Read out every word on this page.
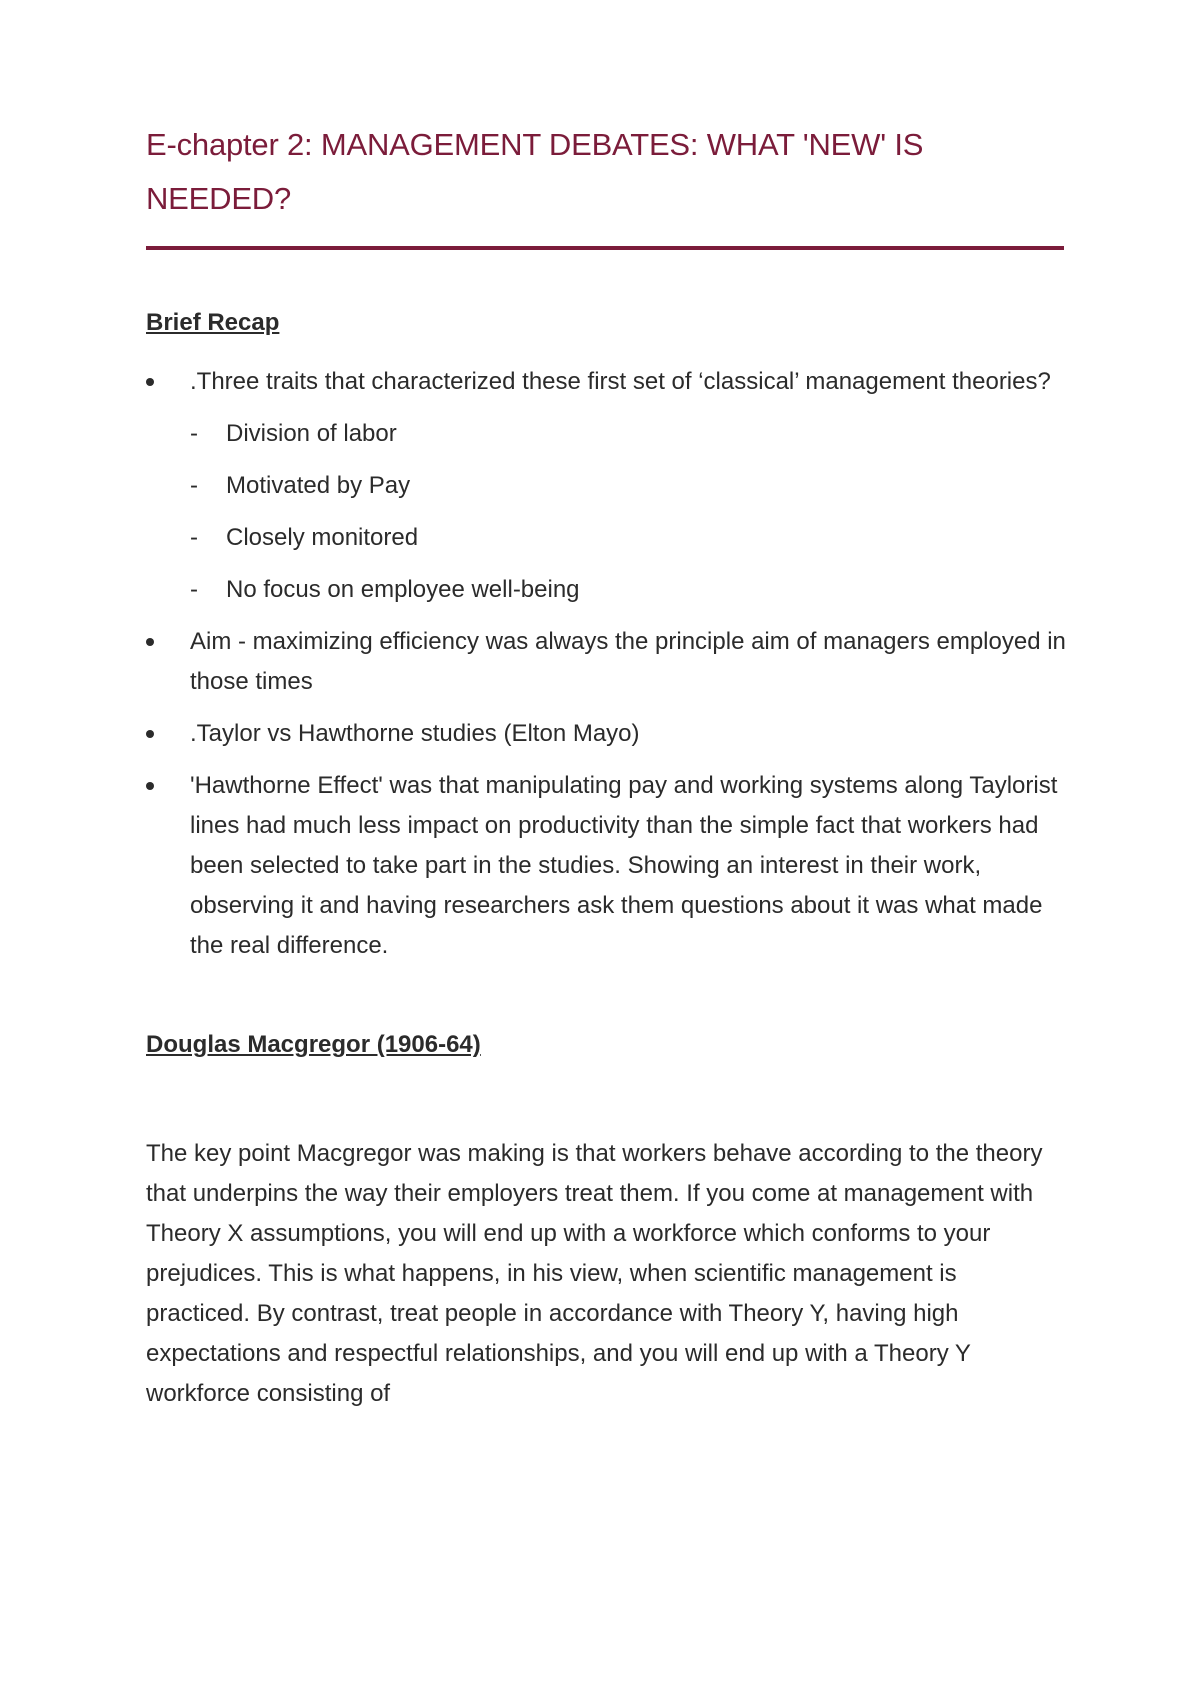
E-chapter 2: MANAGEMENT DEBATES: WHAT 'NEW' IS NEEDED?
Brief Recap
.Three traits that characterized these first set of ‘classical’ management theories?
- Division of labor
- Motivated by Pay
- Closely monitored
- No focus on employee well-being
Aim - maximizing efficiency was always the principle aim of managers employed in those times
.Taylor vs Hawthorne studies (Elton Mayo)
'Hawthorne Effect' was that manipulating pay and working systems along Taylorist lines had much less impact on productivity than the simple fact that workers had been selected to take part in the studies. Showing an interest in their work, observing it and having researchers ask them questions about it was what made the real difference.
Douglas Macgregor (1906-64)

The key point Macgregor was making is that workers behave according to the theory that underpins the way their employers treat them. If you come at management with Theory X assumptions, you will end up with a workforce which conforms to your prejudices. This is what happens, in his view, when scientific management is practiced. By contrast, treat people in accordance with Theory Y, having high expectations and respectful relationships, and you will end up with a Theory Y workforce consisting of
